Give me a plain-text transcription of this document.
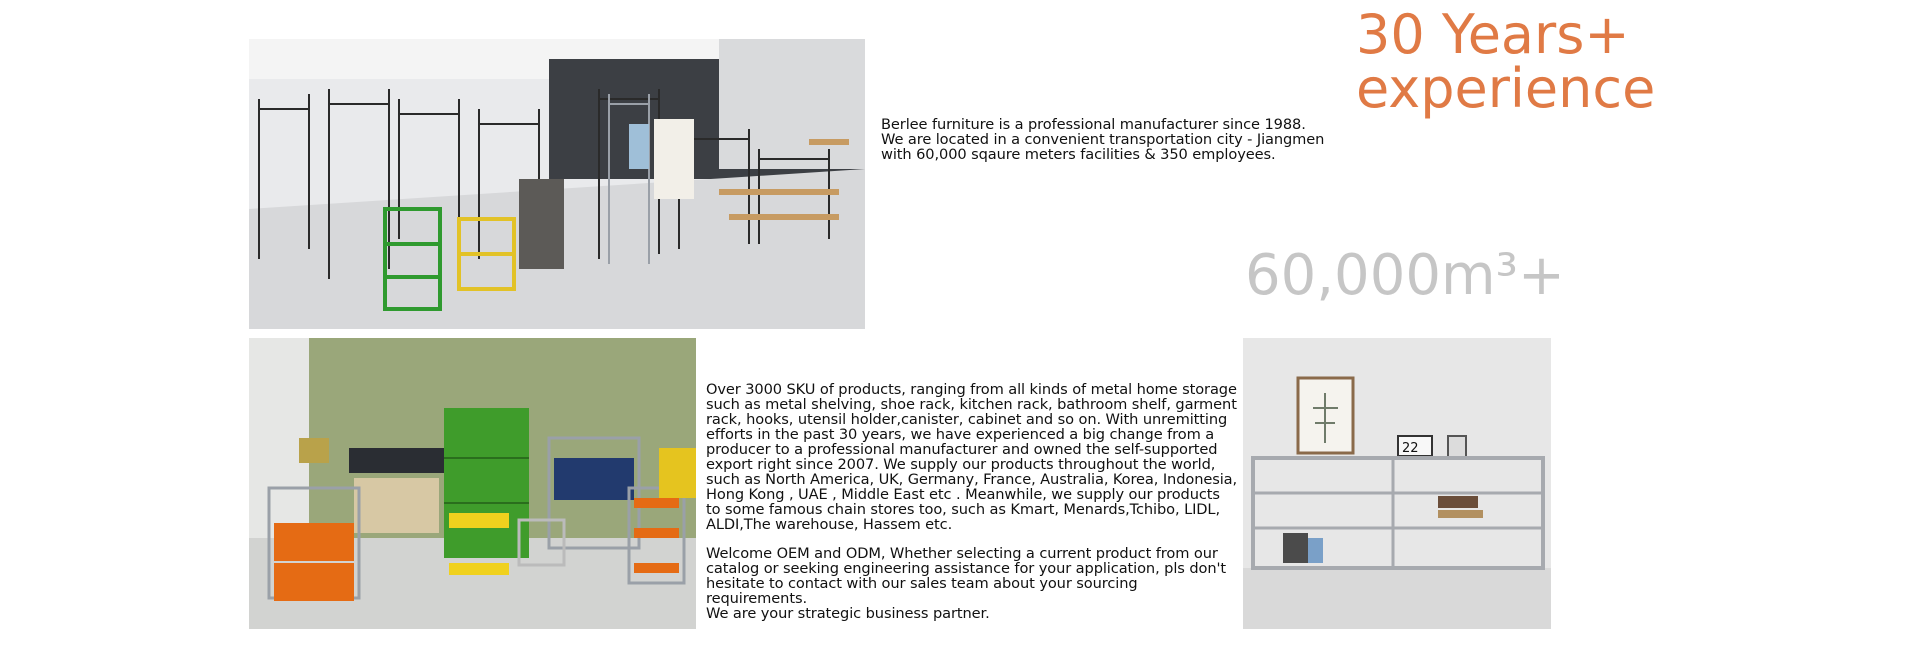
22
30 Years+
experience
60,000m³+

Berlee furniture is a professional manufacturer since 1988.
We are located in a convenient transportation city - Jiangmen
with 60,000 sqaure meters facilities & 350 employees.

Over 3000 SKU of products, ranging from all kinds of metal home storage
such as metal shelving, shoe rack, kitchen rack, bathroom shelf, garment
rack, hooks, utensil holder,canister, cabinet and so on. With unremitting
efforts in the past 30 years, we have experienced a big change from a
producer to a professional manufacturer and owned the self-supported
export right since 2007. We supply our products throughout the world,
such as North America, UK, Germany, France, Australia, Korea, Indonesia,
Hong Kong , UAE , Middle East etc . Meanwhile, we supply our products
to some famous chain stores too, such as Kmart, Menards,Tchibo, LIDL,
ALDI,The warehouse, Hassem etc.

Welcome OEM and ODM, Whether selecting a current product from our
catalog or seeking engineering assistance for your application, pls don't
hesitate to contact with our sales team about your sourcing requirements.
We are your strategic business partner.
